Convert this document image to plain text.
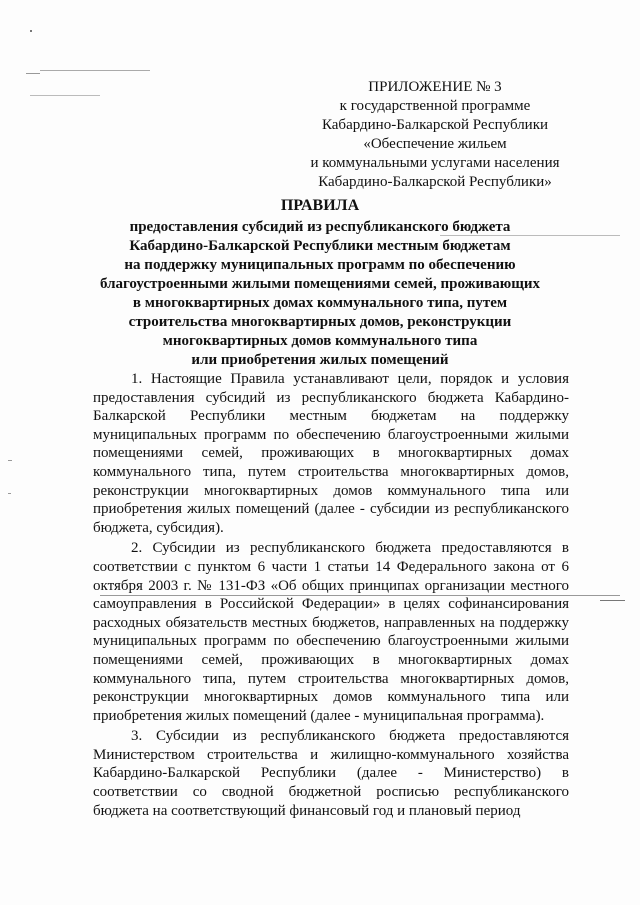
ПРИЛОЖЕНИЕ № 3
к государственной программе
Кабардино-Балкарской Республики
«Обеспечение жильем
и коммунальными услугами населения
Кабардино-Балкарской Республики»
ПРАВИЛА
предоставления субсидий из республиканского бюджета
Кабардино-Балкарской Республики местным бюджетам
на поддержку муниципальных программ по обеспечению
благоустроенными жилыми помещениями семей, проживающих
в многоквартирных домах коммунального типа, путем
строительства многоквартирных домов, реконструкции
многоквартирных домов коммунального типа
или приобретения жилых помещений

1. Настоящие Правила устанавливают цели, порядок и условия предоставления субсидий из республиканского бюджета Кабардино-Балкарской Республики местным бюджетам на поддержку муниципальных программ по обеспечению благоустроенными жилыми помещениями семей, проживающих в многоквартирных домах коммунального типа, путем строительства многоквартирных домов, реконструкции многоквартирных домов коммунального типа или приобретения жилых помещений (далее - субсидии из республиканского бюджета, субсидия).

2. Субсидии из республиканского бюджета предоставляются в соответствии с пунктом 6 части 1 статьи 14 Федерального закона от 6 октября 2003 г. № 131-ФЗ «Об общих принципах организации местного самоуправления в Российской Федерации» в целях софинансирования расходных обязательств местных бюджетов, направленных на поддержку муниципальных программ по обеспечению благоустроенными жилыми помещениями семей, проживающих в многоквартирных домах коммунального типа, путем строительства многоквартирных домов, реконструкции многоквартирных домов коммунального типа или приобретения жилых помещений (далее - муниципальная программа).

3. Субсидии из республиканского бюджета предоставляются Министерством строительства и жилищно-коммунального хозяйства Кабардино-Балкарской Республики (далее - Министерство) в соответствии со сводной бюджетной росписью республиканского бюджета на соответствующий финансовый год и плановый период
